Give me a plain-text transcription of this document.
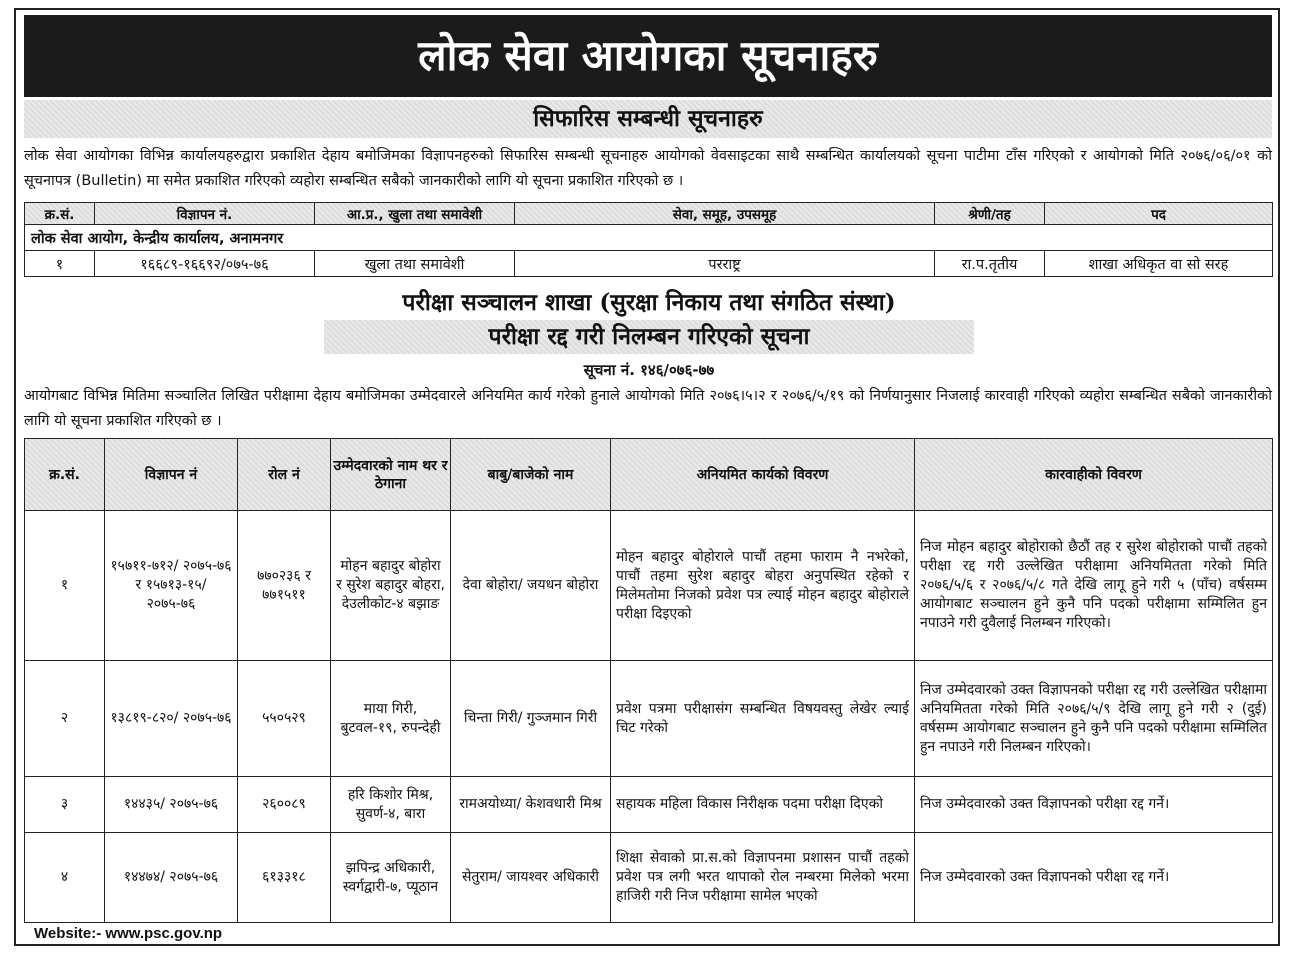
लोक सेवा आयोगका सूचनाहरु
सिफारिस सम्बन्धी सूचनाहरु
लोक सेवा आयोगका विभिन्न कार्यालयहरुद्वारा प्रकाशित देहाय बमोजिमका विज्ञापनहरुको सिफारिस सम्बन्धी सूचनाहरु आयोगको वेवसाइटका साथै सम्बन्धित कार्यालयको सूचना पाटीमा टाँस गरिएको र आयोगको मिति २०७६/०६/०१ को सूचनापत्र (Bulletin) मा समेत प्रकाशित गरिएको व्यहोरा सम्बन्धित सबैको जानकारीको लागि यो सूचना प्रकाशित गरिएको छ ।
क्र.सं.	विज्ञापन नं.	आ.प्र., खुला तथा समावेशी	सेवा, समूह, उपसमूह	श्रेणी/तह	पद
लोक सेवा आयोग, केन्द्रीय कार्यालय, अनामनगर					
१	१६६८९-१६६९२/०७५-७६	खुला तथा समावेशी	परराष्ट्र	रा.प.तृतीय	शाखा अधिकृत वा सो सरह
परीक्षा सञ्चालन शाखा (सुरक्षा निकाय तथा संगठित संस्था)
परीक्षा रद्द गरी निलम्बन गरिएको सूचना
सूचना नं. १४६/०७६-७७
आयोगबाट विभिन्न मितिमा सञ्चालित लिखित परीक्षामा देहाय बमोजिमका उम्मेदवारले अनियमित कार्य गरेको हुनाले आयोगको मिति २०७६।५।२ र २०७६/५/१९ को निर्णयानुसार निजलाई कारवाही गरिएको व्यहोरा सम्बन्धित सबैको जानकारीको लागि यो सूचना प्रकाशित गरिएको छ ।
क्र.सं.	विज्ञापन नं	रोल नं	उम्मेदवारको नाम थर र ठेगाना	बाबु/बाजेको नाम	अनियमित कार्यको विवरण	कारवाहीको विवरण
१	१५७११-७१२/ २०७५-७६ र १५७१३-१५/ २०७५-७६	७७०२३६ र ७७१५११	मोहन बहादुर बोहोरा र सुरेश बहादुर बोहरा, देउलीकोट-४ बझाङ	देवा बोहोरा/ जयधन बोहोरा	मोहन बहादुर बोहोराले पाचौं तहमा फाराम नै नभरेको, पाचौं तहमा सुरेश बहादुर बोहरा अनुपस्थित रहेको र मिलेमतोमा निजको प्रवेश पत्र ल्याई मोहन बहादुर बोहोराले परीक्षा दिइएको	निज मोहन बहादुर बोहोराको छैठौं तह र सुरेश बोहोराको पाचौं तहको परीक्षा रद्द गरी उल्लेखित परीक्षामा अनियमितता गरेको मिति २०७६/५/६ र २०७६/५/८ गते देखि लागू हुने गरी ५ (पाँच) वर्षसम्म आयोगबाट सञ्चालन हुने कुनै पनि पदको परीक्षामा सम्मिलित हुन नपाउने गरी दुवैलाई निलम्बन गरिएको।
२	१३८१९-८२०/ २०७५-७६	५५०५२९	माया गिरी, बुटवल-१९, रुपन्देही	चिन्ता गिरी/ गुञ्जमान गिरी	प्रवेश पत्रमा परीक्षासंग सम्बन्धित विषयवस्तु लेखेर ल्याई चिट गरेको	निज उम्मेदवारको उक्त विज्ञापनको परीक्षा रद्द गरी उल्लेखित परीक्षामा अनियमितता गरेको मिति २०७६/५/९ देखि लागू हुने गरी २ (दुई) वर्षसम्म आयोगबाट सञ्चालन हुने कुनै पनि पदको परीक्षामा सम्मिलित हुन नपाउने गरी निलम्बन गरिएको।
३	१४४३५/ २०७५-७६	२६००८९	हरि किशोर मिश्र, सुवर्ण-४, बारा	रामअयोध्या/ केशवधारी मिश्र	सहायक महिला विकास निरीक्षक पदमा परीक्षा दिएको	निज उम्मेदवारको उक्त विज्ञापनको परीक्षा रद्द गर्ने।
४	१४४७४/ २०७५-७६	६१३३१८	झपिन्द्र अधिकारी, स्वर्गद्वारी-७, प्यूठान	सेतुराम/ जायश्वर अधिकारी	शिक्षा सेवाको प्रा.स.को विज्ञापनमा प्रशासन पाचौं तहको प्रवेश पत्र लगी भरत थापाको रोल नम्बरमा मिलेको भरमा हाजिरी गरी निज परीक्षामा सामेल भएको	निज उम्मेदवारको उक्त विज्ञापनको परीक्षा रद्द गर्ने।
Website:- www.psc.gov.np
